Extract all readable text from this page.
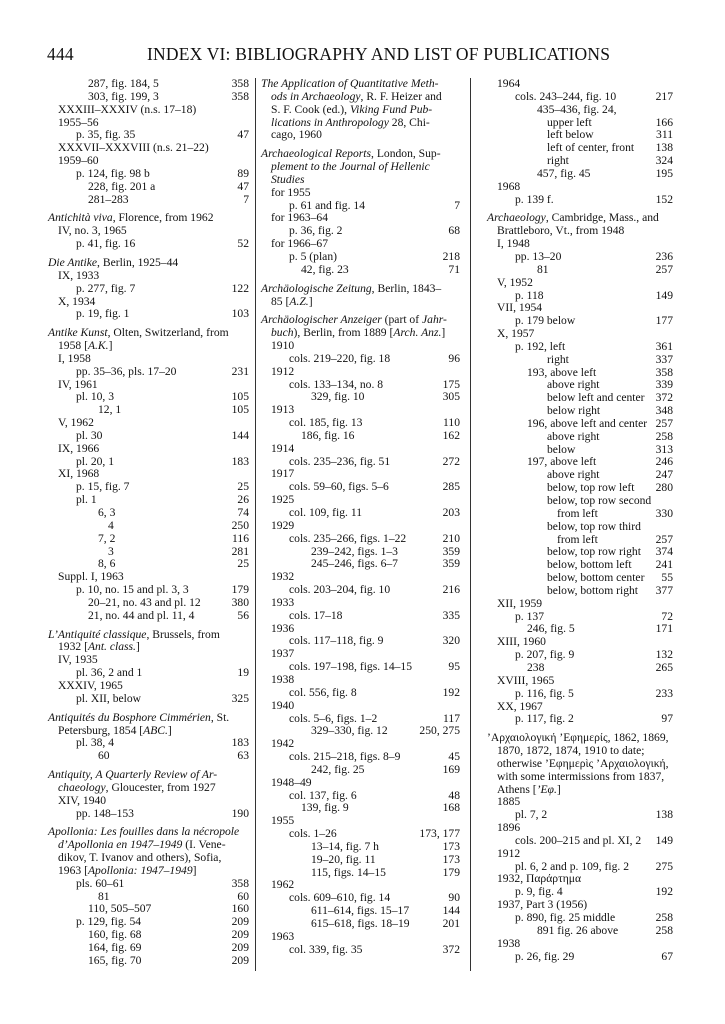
444	INDEX VI: BIBLIOGRAPHY AND LIST OF PUBLICATIONS
287, fig. 184, 5	358
303, fig. 199, 3	358
XXXIII–XXXIV (n.s. 17–18)
1955–56
p. 35, fig. 35	47
XXXVII–XXXVIII (n.s. 21–22)
1959–60
p. 124, fig. 98 b	89
228, fig. 201 a	47
281–283	7
Antichità viva, Florence, from 1962
IV, no. 3, 1965
p. 41, fig. 16	52
Die Antike, Berlin, 1925–44
IX, 1933
p. 277, fig. 7	122
X, 1934
p. 19, fig. 1	103
Antike Kunst, Olten, Switzerland, from
1958 [A.K.]
I, 1958
pp. 35–36, pls. 17–20	231
IV, 1961
pl. 10, 3	105
12, 1	105
V, 1962
pl. 30	144
IX, 1966
pl. 20, 1	183
XI, 1968
p. 15, fig. 7	25
pl. 1	26
6, 3	74
4	250
7, 2	116
3	281
8, 6	25
Suppl. I, 1963
p. 10, no. 15 and pl. 3, 3	179
20–21, no. 43 and pl. 12	380
21, no. 44 and pl. 11, 4	56
L’Antiquité classique, Brussels, from
1932 [Ant. class.]
IV, 1935
pl. 36, 2 and 1	19
XXXIV, 1965
pl. XII, below	325
Antiquités du Bosphore Cimmérien, St.
Petersburg, 1854 [ABC.]
pl. 38, 4	183
60	63
Antiquity, A Quarterly Review of Ar-
chaeology, Gloucester, from 1927
XIV, 1940
pp. 148–153	190
Apollonia: Les fouilles dans la nécropole
d’Apollonia en 1947–1949 (I. Vene-
dikov, T. Ivanov and others), Sofia,
1963 [Apollonia: 1947–1949]
pls. 60–61	358
81	60
110, 505–507	160
p. 129, fig. 54	209
160, fig. 68	209
164, fig. 69	209
165, fig. 70	209
The Application of Quantitative Meth-
ods in Archaeology, R. F. Heizer and
S. F. Cook (ed.), Viking Fund Pub-
lications in Anthropology 28, Chi-
cago, 1960
Archaeological Reports, London, Sup-
plement to the Journal of Hellenic
Studies
for 1955
p. 61 and fig. 14	7
for 1963–64
p. 36, fig. 2	68
for 1966–67
p. 5 (plan)	218
42, fig. 23	71
Archäologische Zeitung, Berlin, 1843–
85 [A.Z.]
Archäologischer Anzeiger (part of Jahr-
buch), Berlin, from 1889 [Arch. Anz.]
1910
cols. 219–220, fig. 18	96
1912
cols. 133–134, no. 8	175
329, fig. 10	305
1913
col. 185, fig. 13	110
186, fig. 16	162
1914
cols. 235–236, fig. 51	272
1917
cols. 59–60, figs. 5–6	285
1925
col. 109, fig. 11	203
1929
cols. 235–266, figs. 1–22	210
239–242, figs. 1–3	359
245–246, figs. 6–7	359
1932
cols. 203–204, fig. 10	216
1933
cols. 17–18	335
1936
cols. 117–118, fig. 9	320
1937
cols. 197–198, figs. 14–15	95
1938
col. 556, fig. 8	192
1940
cols. 5–6, figs. 1–2	117
329–330, fig. 12	250, 275
1942
cols. 215–218, figs. 8–9	45
242, fig. 25	169
1948–49
col. 137, fig. 6	48
139, fig. 9	168
1955
cols. 1–26	173, 177
13–14, fig. 7 h	173
19–20, fig. 11	173
115, figs. 14–15	179
1962
cols. 609–610, fig. 14	90
611–614, figs. 15–17	144
615–618, figs. 18–19	201
1963
col. 339, fig. 35	372
1964
cols. 243–244, fig. 10	217
435–436, fig. 24,
upper left	166
left below	311
left of center, front	138
right	324
457, fig. 45	195
1968
p. 139 f.	152
Archaeology, Cambridge, Mass., and
Brattleboro, Vt., from 1948
I, 1948
pp. 13–20	236
81	257
V, 1952
p. 118	149
VII, 1954
p. 179 below	177
X, 1957
p. 192, left	361
right	337
193, above left	358
above right	339
below left and center 372
below right	348
196, above left and center 257
above right	258
below	313
197, above left	246
above right	247
below, top row left	280
below, top row second
from left	330
below, top row third
from left	257
below, top row right 374
below, bottom left	241
below, bottom center 55
below, bottom right 377
XII, 1959
p. 137	72
246, fig. 5	171
XIII, 1960
p. 207, fig. 9	132
238	265
XVIII, 1965
p. 116, fig. 5	233
XX, 1967
p. 117, fig. 2	97
’Αρχαιολογική ’Εφημερίς, 1862, 1869,
1870, 1872, 1874, 1910 to date;
otherwise ’Εφημερὶς ’Αρχαιολογική,
with some intermissions from 1837,
Athens [’Εφ.]
1885
pl. 7, 2	138
1896
cols. 200–215 and pl. XI, 2 149
1912
pl. 6, 2 and p. 109, fig. 2	275
1932, Παράρτημα
p. 9, fig. 4	192
1937, Part 3 (1956)
p. 890, fig. 25 middle	258
891 fig. 26 above	258
1938
p. 26, fig. 29	67
